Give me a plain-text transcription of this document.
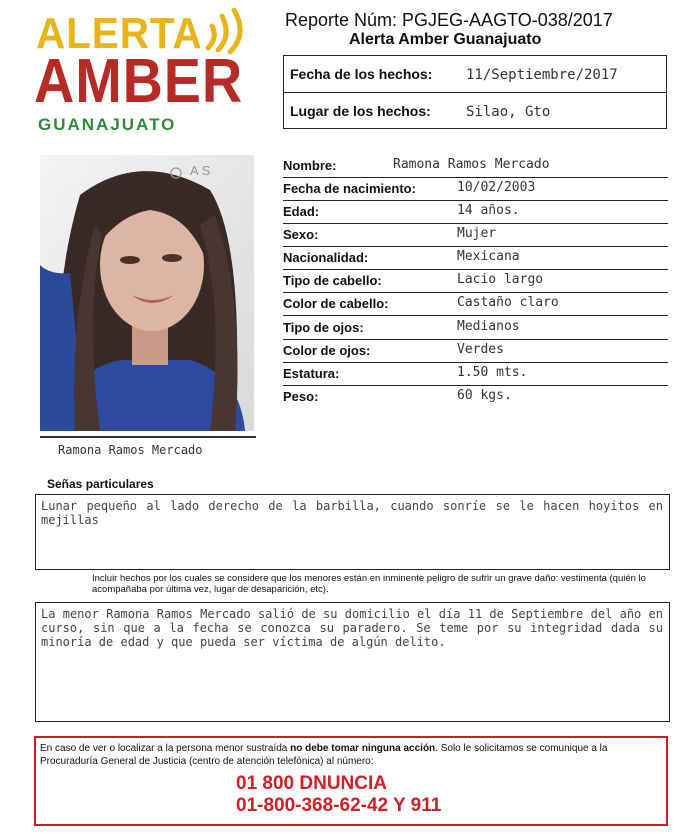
ALERTA
AMBER
GUANAJUATO
Reporte Núm: PGJEG-AAGTO-038/2017
Alerta Amber Guanajuato
Fecha de los hechos: 11/Septiembre/2017
Lugar de los hechos:	Silao, Gto
A S
Ramona Ramos Mercado
Nombre:	Ramona Ramos Mercado
Fecha de nacimiento:	10/02/2003
Edad:	14 años.
Sexo:	Mujer
Nacionalidad:	Mexicana
Tipo de cabello:	Lacio largo
Color de cabello:	Castaño claro
Tipo de ojos:	Medianos
Color de ojos:	Verdes
Estatura:	1.50 mts.
Peso:	60 kgs.
Señas particulares
Lunar pequeño al lado derecho de la barbilla, cuando sonríe se le hacen hoyitos en mejillas
Incluir hechos por los cuales se considere que los menores están en inminente peligro de sufrir un grave daño: vestimenta (quién lo acompañaba por última vez, lugar de desaparición, etc).
La menor Ramona Ramos Mercado salió de su domicilio el día 11 de Septiembre del año en curso, sin que a la fecha se conozca su paradero. Se teme por su integridad dada su minoría de edad y que pueda ser víctima de algún delito.
En caso de ver o localizar a la persona menor sustraída no debe tomar ninguna acción. Solo le solicitamos se comunique a la Procuraduría General de Justicia (centro de atención telefónica) al número:
01 800 DNUNCIA
01-800-368-62-42 Y 911
